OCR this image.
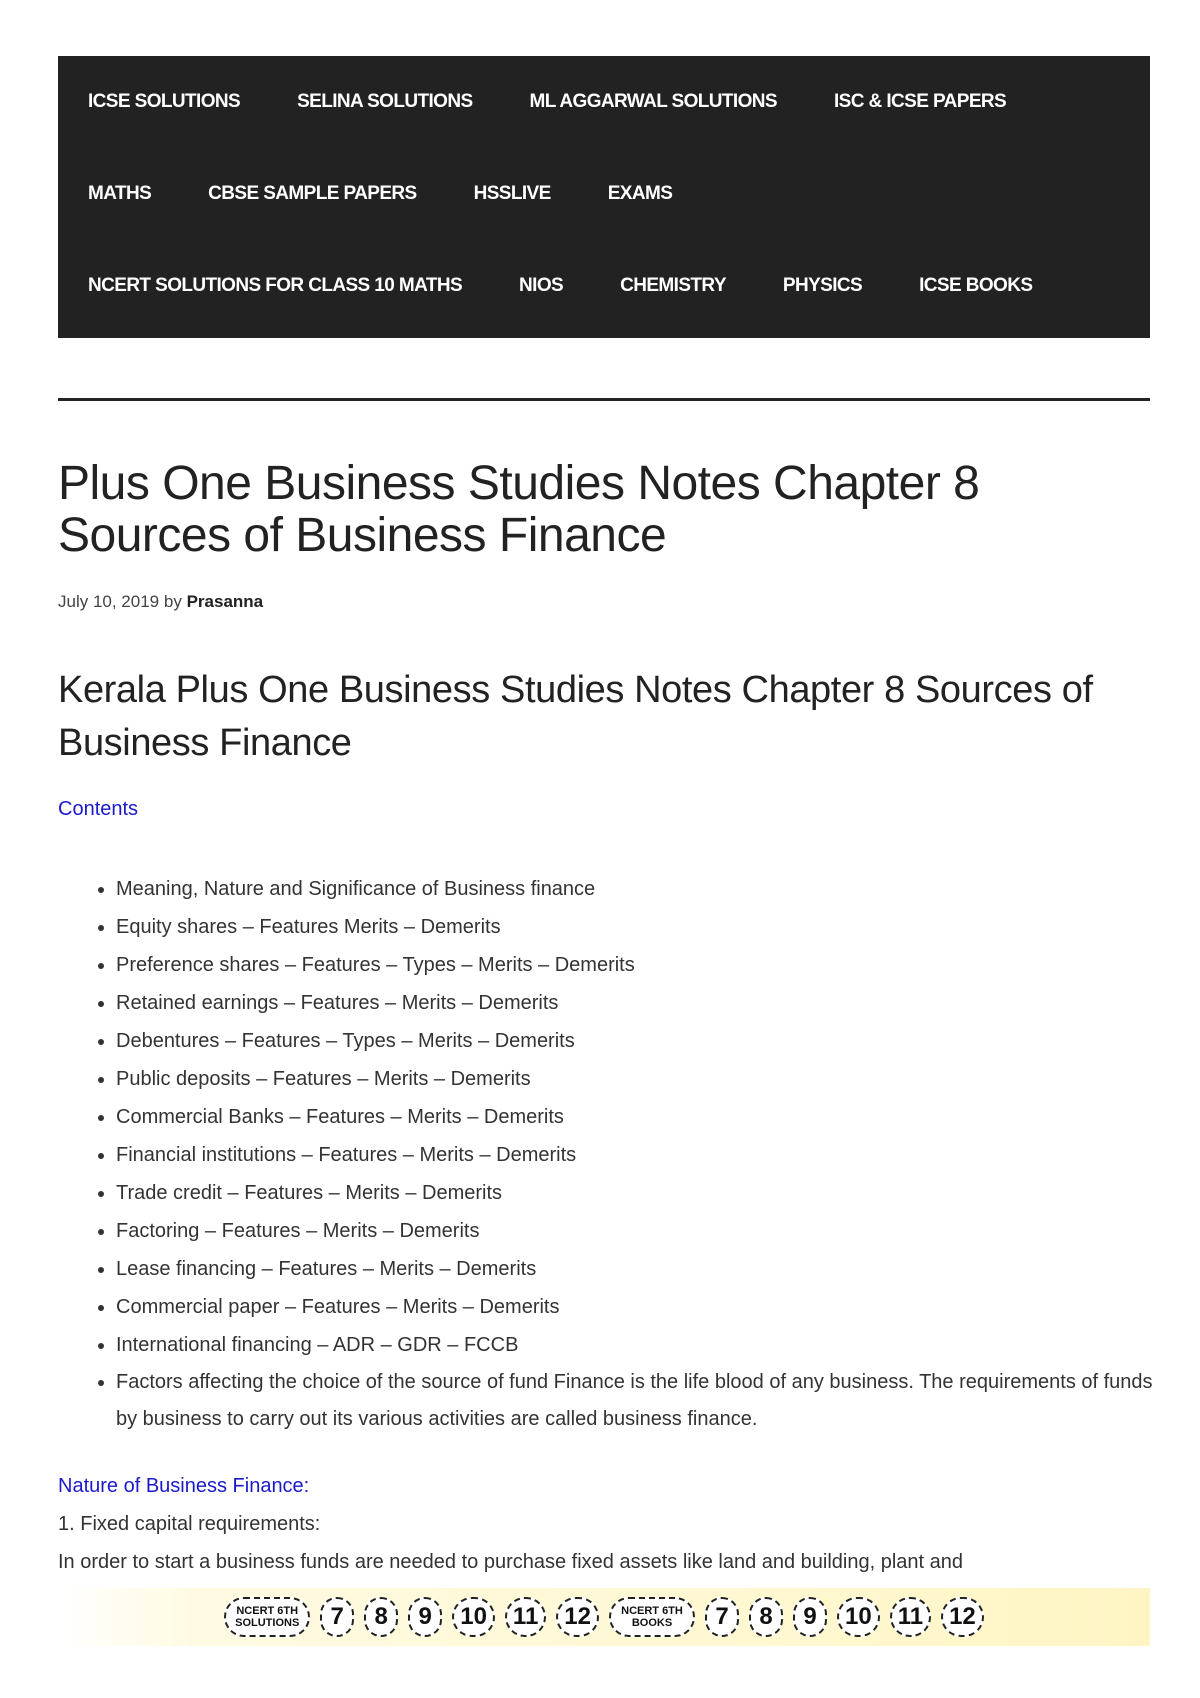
ICSE SOLUTIONS	SELINA SOLUTIONS	ML AGGARWAL SOLUTIONS	ISC & ICSE PAPERS
MATHS	CBSE SAMPLE PAPERS	HSSLIVE	EXAMS
NCERT SOLUTIONS FOR CLASS 10 MATHS	NIOS	CHEMISTRY	PHYSICS	ICSE BOOKS
Plus One Business Studies Notes Chapter 8 Sources of Business Finance
July 10, 2019 by Prasanna
Kerala Plus One Business Studies Notes Chapter 8 Sources of Business Finance
Contents
• Meaning, Nature and Significance of Business finance
• Equity shares – Features Merits – Demerits
• Preference shares – Features – Types – Merits – Demerits
• Retained earnings – Features – Merits – Demerits
• Debentures – Features – Types – Merits – Demerits
• Public deposits – Features – Merits – Demerits
• Commercial Banks – Features – Merits – Demerits
• Financial institutions – Features – Merits – Demerits
• Trade credit – Features – Merits – Demerits
• Factoring – Features – Merits – Demerits
• Lease financing – Features – Merits – Demerits
• Commercial paper – Features – Merits – Demerits
• International financing – ADR – GDR – FCCB
• Factors affecting the choice of the source of fund Finance is the life blood of any business. The requirements of funds by business to carry out its various activities are called business finance.
Nature of Business Finance:
1. Fixed capital requirements:
In order to start a business funds are needed to purchase fixed assets like land and building, plant and
NCERT 6TH
SOLUTIONS	7	8	9	10	11	12	NCERT 6TH
BOOKS	7	8	9	10	11	12
